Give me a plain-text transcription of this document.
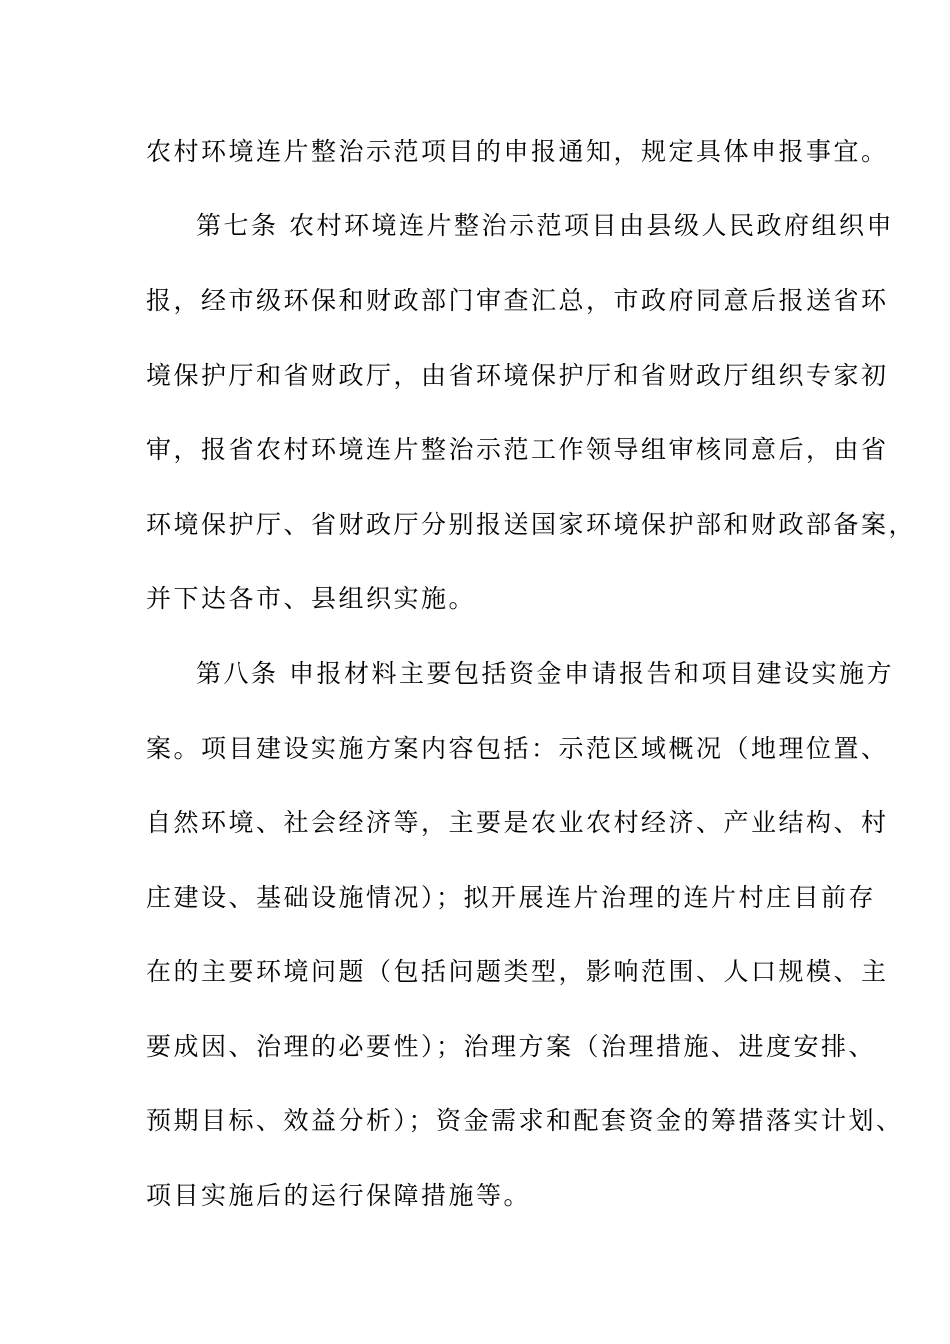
农村环境连片整治示范项目的申报通知，规定具体申报事宜。
第七条 农村环境连片整治示范项目由县级人民政府组织申
报，经市级环保和财政部门审查汇总，市政府同意后报送省环
境保护厅和省财政厅，由省环境保护厅和省财政厅组织专家初
审，报省农村环境连片整治示范工作领导组审核同意后，由省
环境保护厅、省财政厅分别报送国家环境保护部和财政部备案，
并下达各市、县组织实施。
第八条 申报材料主要包括资金申请报告和项目建设实施方
案。项目建设实施方案内容包括：示范区域概况（地理位置、
自然环境、社会经济等，主要是农业农村经济、产业结构、村
庄建设、基础设施情况）；拟开展连片治理的连片村庄目前存
在的主要环境问题（包括问题类型，影响范围、人口规模、主
要成因、治理的必要性）；治理方案（治理措施、进度安排、
预期目标、效益分析）；资金需求和配套资金的筹措落实计划、
项目实施后的运行保障措施等。
